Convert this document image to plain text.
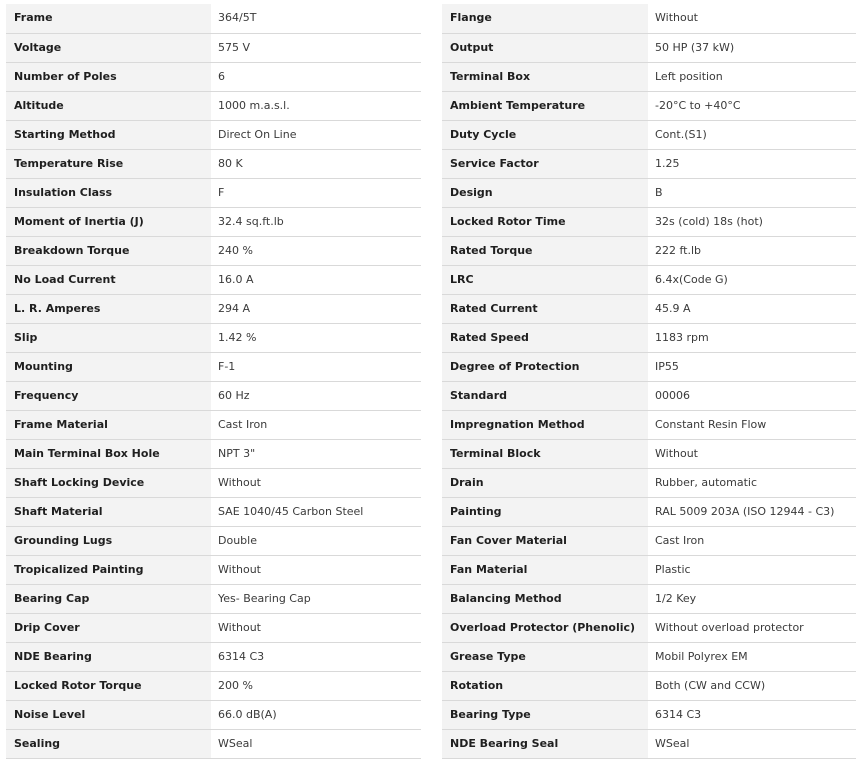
Frame	364/5T
Voltage	575 V
Number of Poles	6
Altitude	1000 m.a.s.l.
Starting Method	Direct On Line
Temperature Rise	80 K
Insulation Class	F
Moment of Inertia (J)	32.4 sq.ft.lb
Breakdown Torque	240 %
No Load Current	16.0 A
L. R. Amperes	294 A
Slip	1.42 %
Mounting	F-1
Frequency	60 Hz
Frame Material	Cast Iron
Main Terminal Box Hole	NPT 3"
Shaft Locking Device	Without
Shaft Material	SAE 1040/45 Carbon Steel
Grounding Lugs	Double
Tropicalized Painting	Without
Bearing Cap	Yes- Bearing Cap
Drip Cover	Without
NDE Bearing	6314 C3
Locked Rotor Torque	200 %
Noise Level	66.0 dB(A)
Sealing	WSeal
Flange	Without
Output	50 HP (37 kW)
Terminal Box	Left position
Ambient Temperature	-20°C to +40°C
Duty Cycle	Cont.(S1)
Service Factor	1.25
Design	B
Locked Rotor Time	32s (cold) 18s (hot)
Rated Torque	222 ft.lb
LRC	6.4x(Code G)
Rated Current	45.9 A
Rated Speed	1183 rpm
Degree of Protection	IP55
Standard	00006
Impregnation Method	Constant Resin Flow
Terminal Block	Without
Drain	Rubber, automatic
Painting	RAL 5009 203A (ISO 12944 - C3)
Fan Cover Material	Cast Iron
Fan Material	Plastic
Balancing Method	1/2 Key
Overload Protector (Phenolic)	Without overload protector
Grease Type	Mobil Polyrex EM
Rotation	Both (CW and CCW)
Bearing Type	6314 C3
NDE Bearing Seal	WSeal
